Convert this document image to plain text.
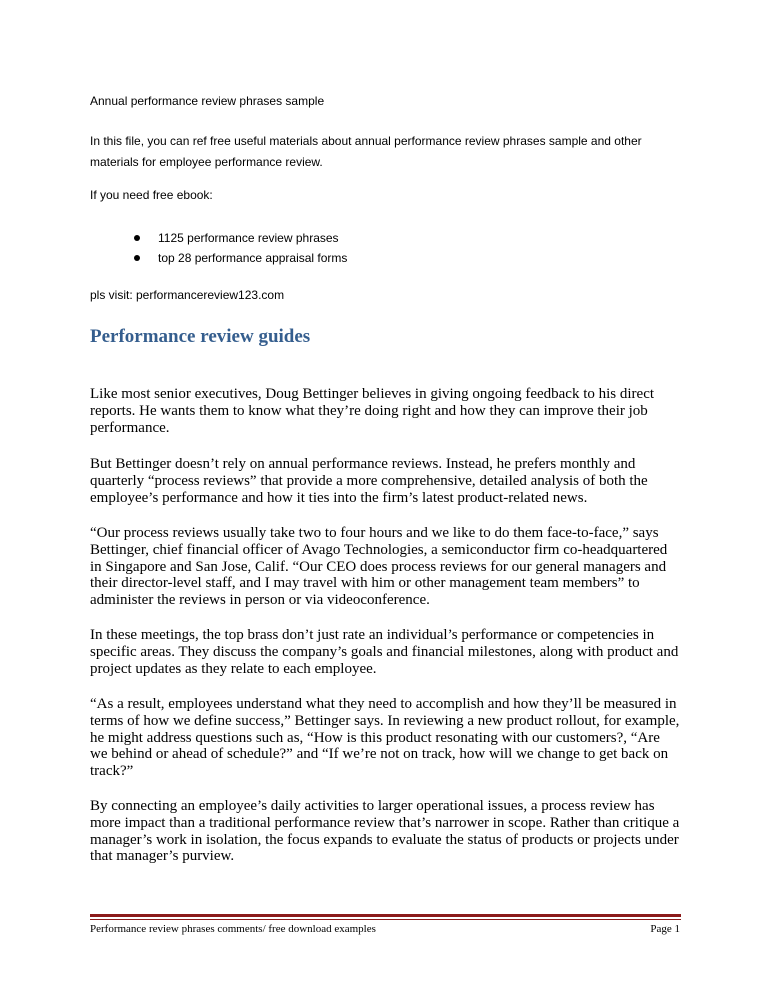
Annual performance review phrases sample

In this file, you can ref free useful materials about annual performance review phrases sample and other materials for employee performance review.

If you need free ebook:

1125 performance review phrases
top 28 performance appraisal forms

pls visit: performancereview123.com

Performance review guides

Like most senior executives, Doug Bettinger believes in giving ongoing feedback to his direct reports. He wants them to know what they’re doing right and how they can improve their job performance.

But Bettinger doesn’t rely on annual performance reviews. Instead, he prefers monthly and quarterly “process reviews” that provide a more comprehensive, detailed analysis of both the employee’s performance and how it ties into the firm’s latest product-related news.

“Our process reviews usually take two to four hours and we like to do them face-to-face,” says Bettinger, chief financial officer of Avago Technologies, a semiconductor firm co-headquartered in Singapore and San Jose, Calif. “Our CEO does process reviews for our general managers and their director-level staff, and I may travel with him or other management team members” to administer the reviews in person or via videoconference.

In these meetings, the top brass don’t just rate an individual’s performance or competencies in specific areas. They discuss the company’s goals and financial milestones, along with product and project updates as they relate to each employee.

“As a result, employees understand what they need to accomplish and how they’ll be measured in terms of how we define success,” Bettinger says. In reviewing a new product rollout, for example, he might address questions such as, “How is this product resonating with our customers?, “Are we behind or ahead of schedule?” and “If we’re not on track, how will we change to get back on track?”

By connecting an employee’s daily activities to larger operational issues, a process review has more impact than a traditional performance review that’s narrower in scope. Rather than critique a manager’s work in isolation, the focus expands to evaluate the status of products or projects under that manager’s purview.

Performance review phrases comments/ free download examples	Page 1
